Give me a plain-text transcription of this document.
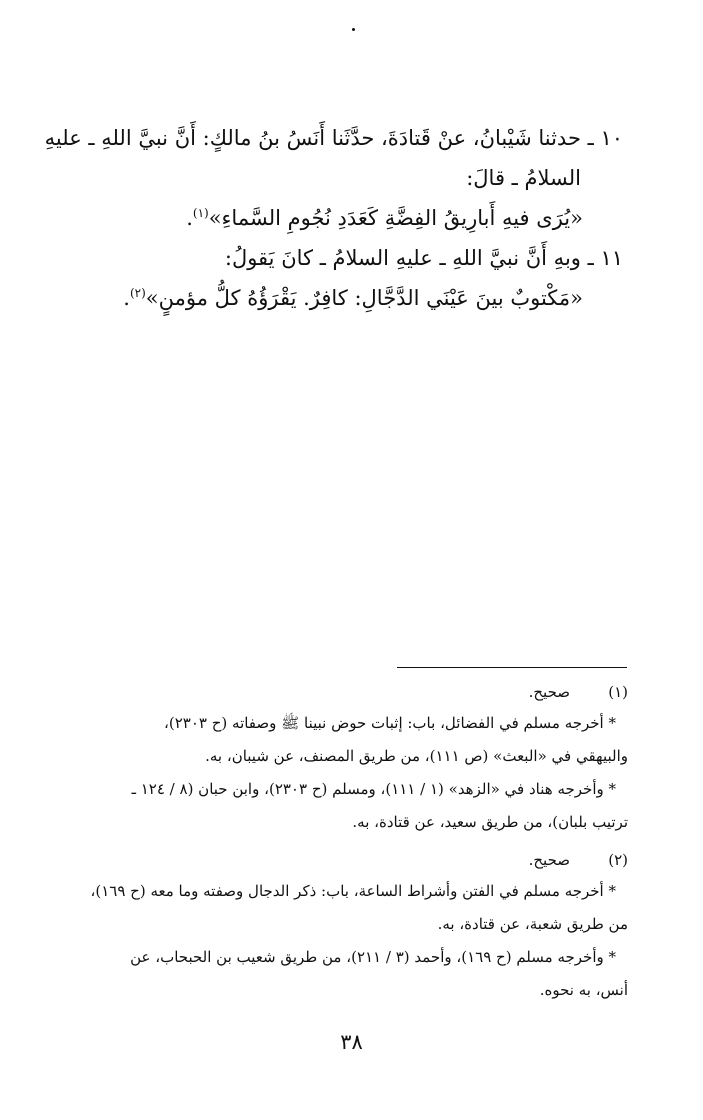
١٠ ـ حدثنا شَيْبانُ، عنْ قَتادَةَ، حدَّثَنا أَنَسُ بنُ مالكٍ: أَنَّ نبيَّ اللهِ ـ عليهِ
السلامُ ـ قالَ:
«يُرَى فيهِ أَبارِيقُ الفِضَّةِ كَعَدَدِ نُجُومِ السَّماءِ»$^{(١)}$.
١١ ـ وبهِ أَنَّ نبيَّ اللهِ ـ عليهِ السلامُ ـ كانَ يَقولُ:
«مَكْتوبٌ بينَ عَيْنَي الدَّجَّالِ: كافِرٌ. يَقْرَؤُهُ كلُّ مؤمنٍ»$^{(٢)}$.
(١)صحيح.
* أخرجه مسلم في الفضائل، باب: إثبات حوض نبينا ﷺ وصفاته (ح ٢٣٠٣)،
والبيهقي في «البعث» (ص ١١١)، من طريق المصنف، عن شيبان، به.
* وأخرجه هناد في «الزهد» (١ / ١١١)، ومسلم (ح ٢٣٠٣)، وابن حبان (٨ / ١٢٤ ـ
ترتيب بلبان)، من طريق سعيد، عن قتادة، به.
(٢)صحيح.
* أخرجه مسلم في الفتن وأشراط الساعة، باب: ذكر الدجال وصفته وما معه (ح ١٦٩)،
من طريق شعبة، عن قتادة، به.
* وأخرجه مسلم (ح ١٦٩)، وأحمد (٣ / ٢١١)، من طريق شعيب بن الحبحاب، عن
أنس، به نحوه.
٣٨
